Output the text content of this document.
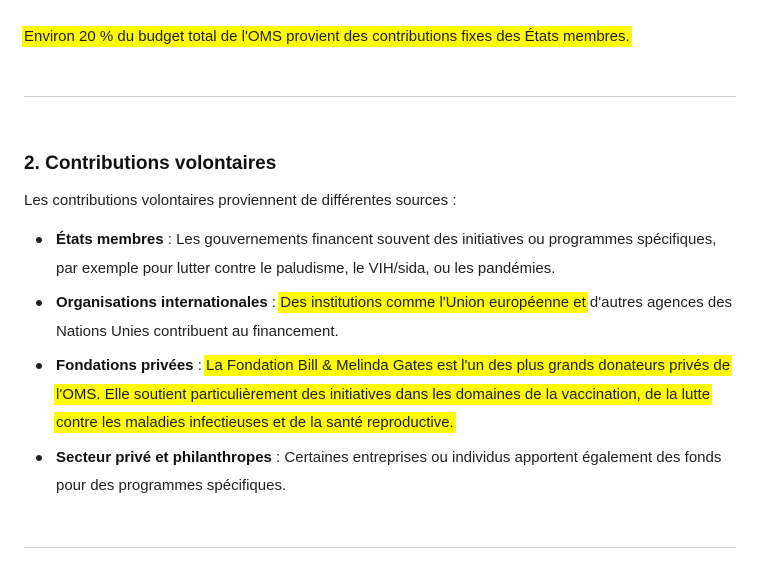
Environ 20 % du budget total de l'OMS provient des contributions fixes des États membres.

2. Contributions volontaires

Les contributions volontaires proviennent de différentes sources :

États membres : Les gouvernements financent souvent des initiatives ou programmes spécifiques, par exemple pour lutter contre le paludisme, le VIH/sida, ou les pandémies.
Organisations internationales : Des institutions comme l'Union européenne et d'autres agences des Nations Unies contribuent au financement.
Fondations privées : La Fondation Bill & Melinda Gates est l'un des plus grands donateurs privés de l'OMS. Elle soutient particulièrement des initiatives dans les domaines de la vaccination, de la lutte contre les maladies infectieuses et de la santé reproductive.
Secteur privé et philanthropes : Certaines entreprises ou individus apportent également des fonds pour des programmes spécifiques.
